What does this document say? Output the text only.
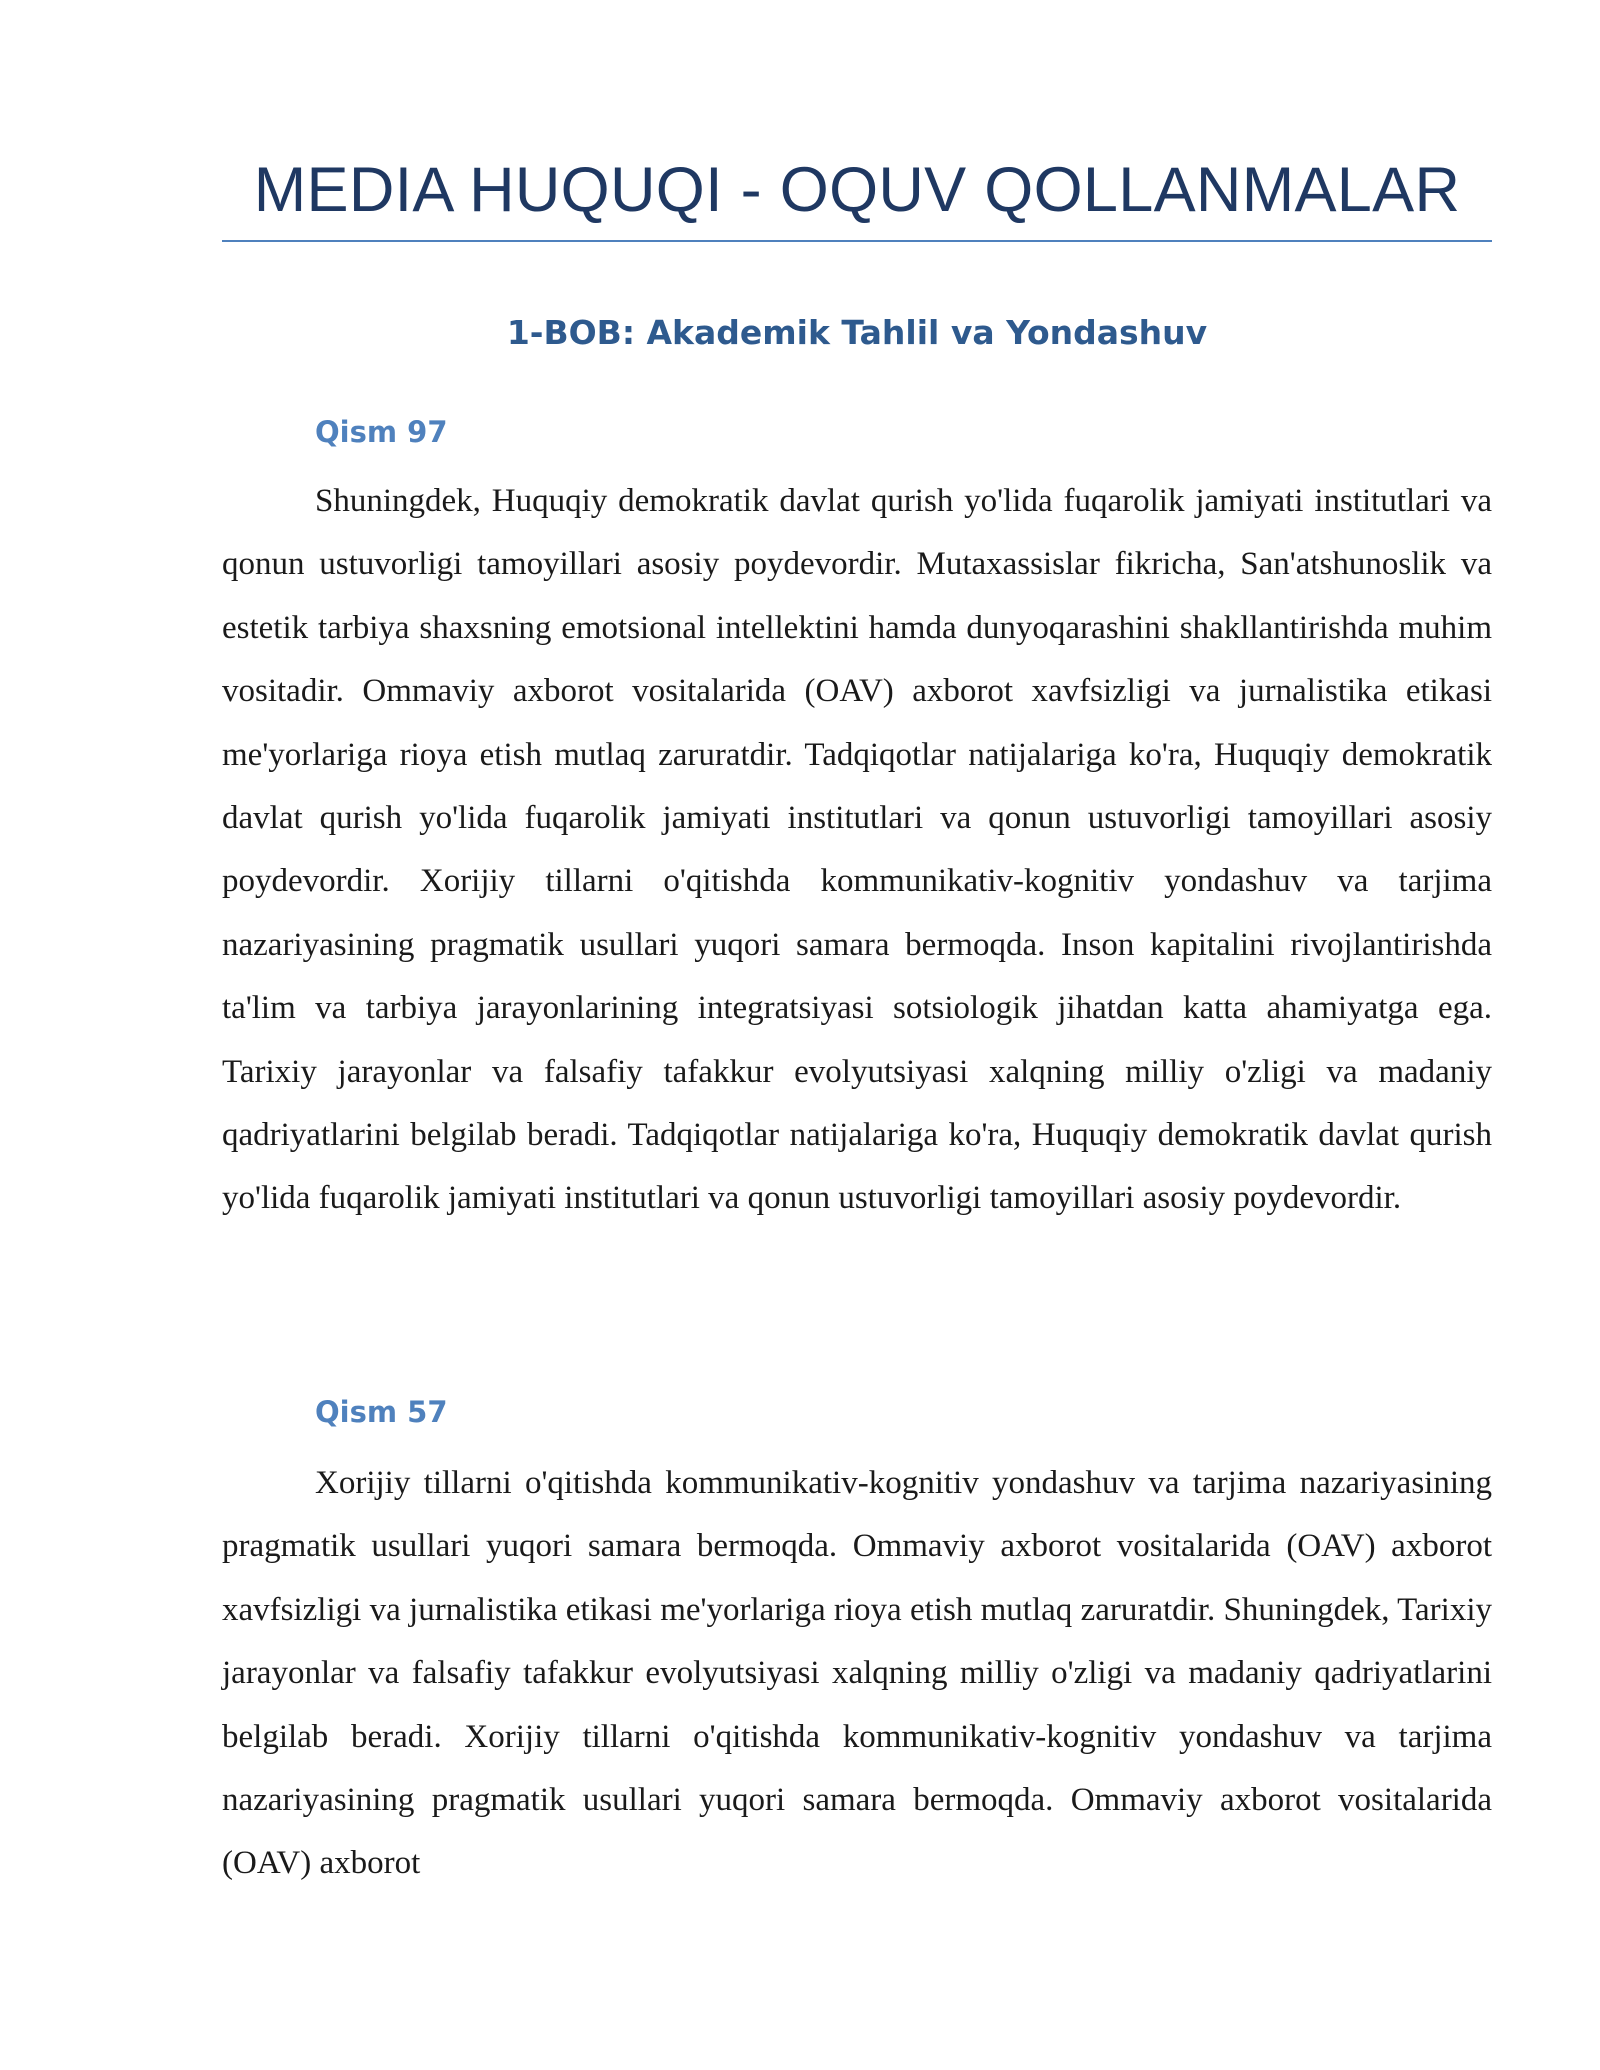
MEDIA HUQUQI - OQUV QOLLANMALAR
1-BOB: Akademik Tahlil va Yondashuv
Qism 97

Shuningdek, Huquqiy demokratik davlat qurish yo'lida fuqarolik jamiyati institutlari va qonun ustuvorligi tamoyillari asosiy poydevordir. Mutaxassislar fikricha, San'atshunoslik va estetik tarbiya shaxsning emotsional intellektini hamda dunyoqarashini shakllantirishda muhim vositadir. Ommaviy axborot vositalarida (OAV) axborot xavfsizligi va jurnalistika etikasi me'yorlariga rioya etish mutlaq zaruratdir. Tadqiqotlar natijalariga ko'ra, Huquqiy demokratik davlat qurish yo'lida fuqarolik jamiyati institutlari va qonun ustuvorligi tamoyillari asosiy poydevordir. Xorijiy tillarni o'qitishda kommunikativ-kognitiv yondashuv va tarjima nazariyasining pragmatik usullari yuqori samara bermoqda. Inson kapitalini rivojlantirishda ta'lim va tarbiya jarayonlarining integratsiyasi sotsiologik jihatdan katta ahamiyatga ega. Tarixiy jarayonlar va falsafiy tafakkur evolyutsiyasi xalqning milliy o'zligi va madaniy qadriyatlarini belgilab beradi. Tadqiqotlar natijalariga ko'ra, Huquqiy demokratik davlat qurish yo'lida fuqarolik jamiyati institutlari va qonun ustuvorligi tamoyillari asosiy poydevordir.

Qism 57

Xorijiy tillarni o'qitishda kommunikativ-kognitiv yondashuv va tarjima nazariyasining pragmatik usullari yuqori samara bermoqda. Ommaviy axborot vositalarida (OAV) axborot xavfsizligi va jurnalistika etikasi me'yorlariga rioya etish mutlaq zaruratdir. Shuningdek, Tarixiy jarayonlar va falsafiy tafakkur evolyutsiyasi xalqning milliy o'zligi va madaniy qadriyatlarini belgilab beradi. Xorijiy tillarni o'qitishda kommunikativ-kognitiv yondashuv va tarjima nazariyasining pragmatik usullari yuqori samara bermoqda. Ommaviy axborot vositalarida (OAV) axborot
